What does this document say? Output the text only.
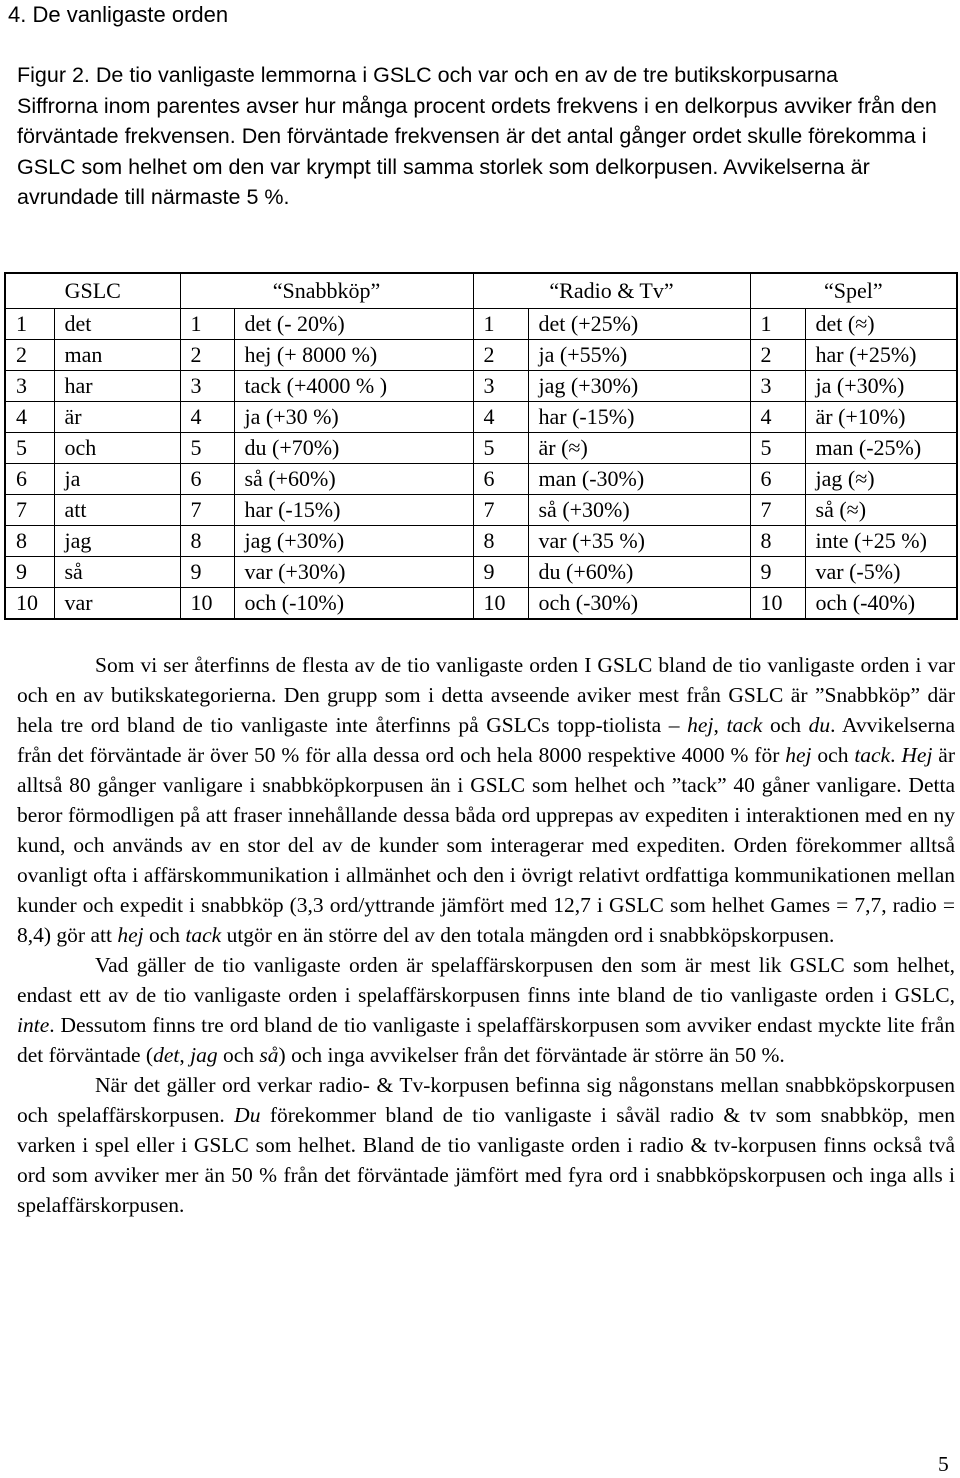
4. De vanligaste orden
Figur 2. De tio vanligaste lemmorna i GSLC och var och en av de tre butikskorpusarna
Siffrorna inom parentes avser hur många procent ordets frekvens i en delkorpus avviker från den förväntade frekvensen. Den förväntade frekvensen är det antal gånger ordet skulle förekomma i GSLC som helhet om den var krympt till samma storlek som delkorpusen. Avvikelserna är avrundade till närmaste 5 %.
GSLC		“Snabbköp”		“Radio & Tv”		“Spel”	
1	det	1	det (- 20%)	1	det (+25%)	1	det (≈)
2	man	2	hej (+ 8000 %)	2	ja (+55%)	2	har (+25%)
3	har	3	tack (+4000 % )	3	jag (+30%)	3	ja (+30%)
4	är	4	ja (+30 %)	4	har (-15%)	4	är (+10%)
5	och	5	du (+70%)	5	är (≈)	5	man (-25%)
6	ja	6	så (+60%)	6	man (-30%)	6	jag (≈)
7	att	7	har (-15%)	7	så (+30%)	7	så (≈)
8	jag	8	jag (+30%)	8	var (+35 %)	8	inte (+25 %)
9	så	9	var (+30%)	9	du (+60%)	9	var (-5%)
10	var	10	och (-10%)	10	och (-30%)	10	och (-40%)

Som vi ser återfinns de flesta av de tio vanligaste orden I GSLC bland de tio vanligaste orden i var och en av butikskategorierna. Den grupp som i detta avseende aviker mest från GSLC är ”Snabbköp” där hela tre ord bland de tio vanligaste inte återfinns på GSLCs topp-tiolista – hej, tack och du. Avvikelserna från det förväntade är över 50 % för alla dessa ord och hela 8000 respektive 4000 % för hej och tack. Hej är alltså 80 gånger vanligare i snabbköpkorpusen än i GSLC som helhet och ”tack” 40 gåner vanligare. Detta beror förmodligen på att fraser innehållande dessa båda ord upprepas av expediten i interaktionen med en ny kund, och används av en stor del av de kunder som interagerar med expediten. Orden förekommer alltså ovanligt ofta i affärskommunikation i allmänhet och den i övrigt relativt ordfattiga kommunikationen mellan kunder och expedit i snabbköp (3,3 ord/yttrande jämfört med 12,7 i GSLC som helhet Games = 7,7, radio = 8,4) gör att hej och tack utgör en än större del av den totala mängden ord i snabbköpskorpusen.

Vad gäller de tio vanligaste orden är spelaffärskorpusen den som är mest lik GSLC som helhet, endast ett av de tio vanligaste orden i spelaffärskorpusen finns inte bland de tio vanligaste orden i GSLC, inte. Dessutom finns tre ord bland de tio vanligaste i spelaffärskorpusen som avviker endast myckte lite från det förväntade (det, jag och så) och inga avvikelser från det förväntade är större än 50 %.

När det gäller ord verkar radio- & Tv-korpusen befinna sig någonstans mellan snabbköpskorpusen och spelaffärskorpusen. Du förekommer bland de tio vanligaste i såväl radio & tv som snabbköp, men varken i spel eller i GSLC som helhet. Bland de tio vanligaste orden i radio & tv-korpusen finns också två ord som avviker mer än 50 % från det förväntade jämfört med fyra ord i snabbköpskorpusen och inga alls i spelaffärskorpusen.

5
